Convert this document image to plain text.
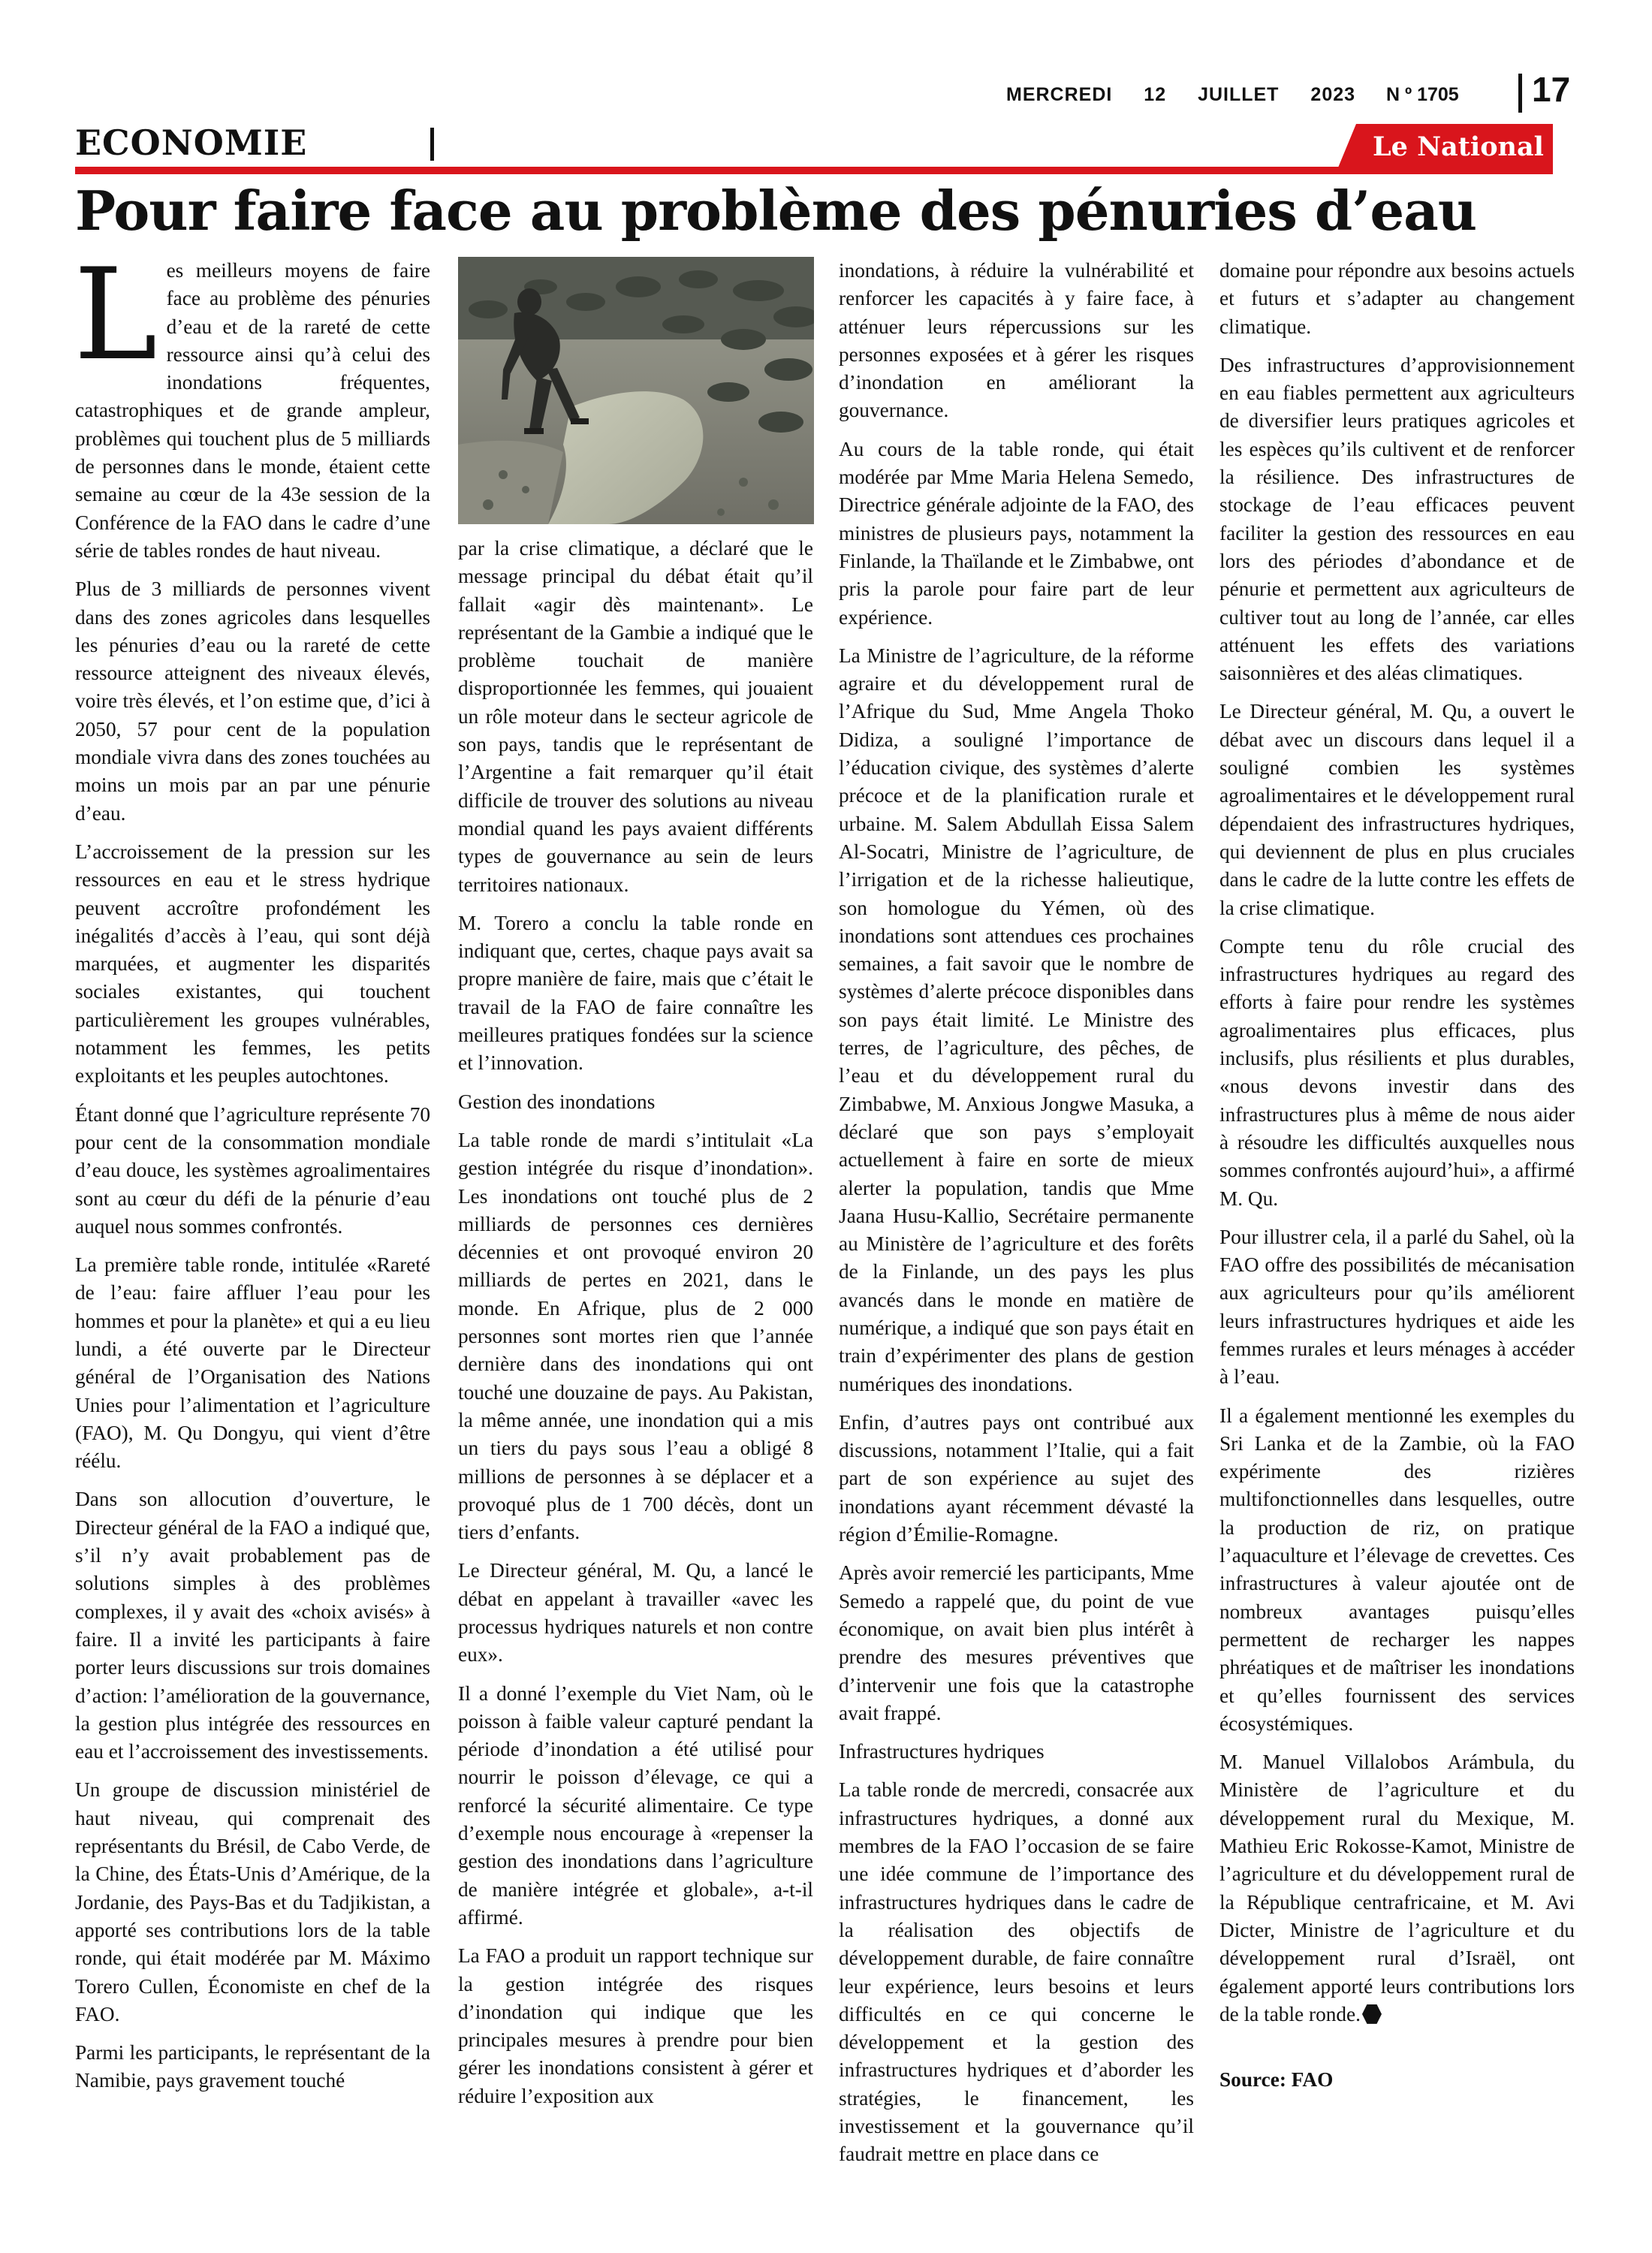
MERCREDI 12 JUILLET 2023	N º 1705 17
ECONOMIE	Le National
Pour faire face au problème des pénuries d’eau

Les meilleurs moyens de faire face au problème des pénuries d’eau et de la rareté de cette ressource ainsi qu’à celui des inondations fréquentes, catastrophiques et de grande ampleur, problèmes qui touchent plus de 5 milliards de personnes dans le monde, étaient cette semaine au cœur de la 43e session de la Conférence de la FAO dans le cadre d’une série de tables rondes de haut niveau.

Plus de 3 milliards de personnes vivent dans des zones agricoles dans lesquelles les pénuries d’eau ou la rareté de cette ressource atteignent des niveaux élevés, voire très élevés, et l’on estime que, d’ici à 2050, 57 pour cent de la population mondiale vivra dans des zones touchées au moins un mois par an par une pénurie d’eau.

L’accroissement de la pression sur les ressources en eau et le stress hydrique peuvent accroître profondément les inégalités d’accès à l’eau, qui sont déjà marquées, et augmenter les disparités sociales existantes, qui touchent particulièrement les groupes vulnérables, notamment les femmes, les petits exploitants et les peuples autochtones.

Étant donné que l’agriculture représente 70 pour cent de la consommation mondiale d’eau douce, les systèmes agroalimentaires sont au cœur du défi de la pénurie d’eau auquel nous sommes confrontés.

La première table ronde, intitulée «Rareté de l’eau: faire affluer l’eau pour les hommes et pour la planète» et qui a eu lieu lundi, a été ouverte par le Directeur général de l’Organisation des Nations Unies pour l’alimentation et l’agriculture (FAO), M. Qu Dongyu, qui vient d’être réélu.

Dans son allocution d’ouverture, le Directeur général de la FAO a indiqué que, s’il n’y avait probablement pas de solutions simples à des problèmes complexes, il y avait des «choix avisés» à faire. Il a invité les participants à faire porter leurs discussions sur trois domaines d’action: l’amélioration de la gouvernance, la gestion plus intégrée des ressources en eau et l’accroissement des investissements.

Un groupe de discussion ministériel de haut niveau, qui comprenait des représentants du Brésil, de Cabo Verde, de la Chine, des États-Unis d’Amérique, de la Jordanie, des Pays-Bas et du Tadjikistan, a apporté ses contributions lors de la table ronde, qui était modérée par M. Máximo Torero Cullen, Économiste en chef de la FAO.

Parmi les participants, le représentant de la Namibie, pays gravement touché

par la crise climatique, a déclaré que le message principal du débat était qu’il fallait «agir dès maintenant». Le représentant de la Gambie a indiqué que le problème touchait de manière disproportionnée les femmes, qui jouaient un rôle moteur dans le secteur agricole de son pays, tandis que le représentant de l’Argentine a fait remarquer qu’il était difficile de trouver des solutions au niveau mondial quand les pays avaient différents types de gouvernance au sein de leurs territoires nationaux.

M. Torero a conclu la table ronde en indiquant que, certes, chaque pays avait sa propre manière de faire, mais que c’était le travail de la FAO de faire connaître les meilleures pratiques fondées sur la science et l’innovation.

Gestion des inondations

La table ronde de mardi s’intitulait «La gestion intégrée du risque d’inondation». Les inondations ont touché plus de 2 milliards de personnes ces dernières décennies et ont provoqué environ 20 milliards de pertes en 2021, dans le monde. En Afrique, plus de 2 000 personnes sont mortes rien que l’année dernière dans des inondations qui ont touché une douzaine de pays. Au Pakistan, la même année, une inondation qui a mis un tiers du pays sous l’eau a obligé 8 millions de personnes à se déplacer et a provoqué plus de 1 700 décès, dont un tiers d’enfants.

Le Directeur général, M. Qu, a lancé le débat en appelant à travailler «avec les processus hydriques naturels et non contre eux».

Il a donné l’exemple du Viet Nam, où le poisson à faible valeur capturé pendant la période d’inondation a été utilisé pour nourrir le poisson d’élevage, ce qui a renforcé la sécurité alimentaire. Ce type d’exemple nous encourage à «repenser la gestion des inondations dans l’agriculture de manière intégrée et globale», a-t-il affirmé.

La FAO a produit un rapport technique sur la gestion intégrée des risques d’inondation qui indique que les principales mesures à prendre pour bien gérer les inondations consistent à gérer et réduire l’exposition aux

inondations, à réduire la vulnérabilité et renforcer les capacités à y faire face, à atténuer leurs répercussions sur les personnes exposées et à gérer les risques d’inondation en améliorant la gouvernance.

Au cours de la table ronde, qui était modérée par Mme Maria Helena Semedo, Directrice générale adjointe de la FAO, des ministres de plusieurs pays, notamment la Finlande, la Thaïlande et le Zimbabwe, ont pris la parole pour faire part de leur expérience.

La Ministre de l’agriculture, de la réforme agraire et du développement rural de l’Afrique du Sud, Mme Angela Thoko Didiza, a souligné l’importance de l’éducation civique, des systèmes d’alerte précoce et de la planification rurale et urbaine. M. Salem Abdullah Eissa Salem Al-Socatri, Ministre de l’agriculture, de l’irrigation et de la richesse halieutique, son homologue du Yémen, où des inondations sont attendues ces prochaines semaines, a fait savoir que le nombre de systèmes d’alerte précoce disponibles dans son pays était limité. Le Ministre des terres, de l’agriculture, des pêches, de l’eau et du développement rural du Zimbabwe, M. Anxious Jongwe Masuka, a déclaré que son pays s’employait actuellement à faire en sorte de mieux alerter la population, tandis que Mme Jaana Husu-Kallio, Secrétaire permanente au Ministère de l’agriculture et des forêts de la Finlande, un des pays les plus avancés dans le monde en matière de numérique, a indiqué que son pays était en train d’expérimenter des plans de gestion numériques des inondations.

Enfin, d’autres pays ont contribué aux discussions, notamment l’Italie, qui a fait part de son expérience au sujet des inondations ayant récemment dévasté la région d’Émilie-Romagne.

Après avoir remercié les participants, Mme Semedo a rappelé que, du point de vue économique, on avait bien plus intérêt à prendre des mesures préventives que d’intervenir une fois que la catastrophe avait frappé.

Infrastructures hydriques

La table ronde de mercredi, consacrée aux infrastructures hydriques, a donné aux membres de la FAO l’occasion de se faire une idée commune de l’importance des infrastructures hydriques dans le cadre de la réalisation des objectifs de développement durable, de faire connaître leur expérience, leurs besoins et leurs difficultés en ce qui concerne le développement et la gestion des infrastructures hydriques et d’aborder les stratégies, le financement, les investissement et la gouvernance qu’il faudrait mettre en place dans ce

domaine pour répondre aux besoins actuels et futurs et s’adapter au changement climatique.

Des infrastructures d’approvisionnement en eau fiables permettent aux agriculteurs de diversifier leurs pratiques agricoles et les espèces qu’ils cultivent et de renforcer la résilience. Des infrastructures de stockage de l’eau efficaces peuvent faciliter la gestion des ressources en eau lors des périodes d’abondance et de pénurie et permettent aux agriculteurs de cultiver tout au long de l’année, car elles atténuent les effets des variations saisonnières et des aléas climatiques.

Le Directeur général, M. Qu, a ouvert le débat avec un discours dans lequel il a souligné combien les systèmes agroalimentaires et le développement rural dépendaient des infrastructures hydriques, qui deviennent de plus en plus cruciales dans le cadre de la lutte contre les effets de la crise climatique.

Compte tenu du rôle crucial des infrastructures hydriques au regard des efforts à faire pour rendre les systèmes agroalimentaires plus efficaces, plus inclusifs, plus résilients et plus durables, «nous devons investir dans des infrastructures plus à même de nous aider à résoudre les difficultés auxquelles nous sommes confrontés aujourd’hui», a affirmé M. Qu.

Pour illustrer cela, il a parlé du Sahel, où la FAO offre des possibilités de mécanisation aux agriculteurs pour qu’ils améliorent leurs infrastructures hydriques et aide les femmes rurales et leurs ménages à accéder à l’eau.

Il a également mentionné les exemples du Sri Lanka et de la Zambie, où la FAO expérimente des rizières multifonctionnelles dans lesquelles, outre la production de riz, on pratique l’aquaculture et l’élevage de crevettes. Ces infrastructures à valeur ajoutée ont de nombreux avantages puisqu’elles permettent de recharger les nappes phréatiques et de maîtriser les inondations et qu’elles fournissent des services écosystémiques.

M. Manuel Villalobos Arámbula, du Ministère de l’agriculture et du développement rural du Mexique, M. Mathieu Eric Rokosse-Kamot, Ministre de l’agriculture et du développement rural de la République centrafricaine, et M. Avi Dicter, Ministre de l’agriculture et du développement rural d’Israël, ont également apporté leurs contributions lors de la table ronde.

Source: FAO
